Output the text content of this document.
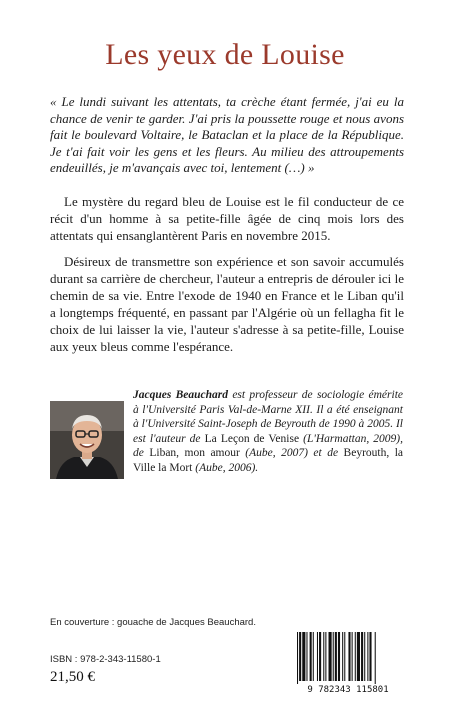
Les yeux de Louise

« Le lundi suivant les attentats, ta crèche étant fermée, j'ai eu la chance de venir te garder. J'ai pris la poussette rouge et nous avons fait le boulevard Voltaire, le Bataclan et la place de la République. Je t'ai fait voir les gens et les fleurs. Au milieu des attroupements endeuillés, je m'avançais avec toi, lentement (…) »

Le mystère du regard bleu de Louise est le fil conducteur de ce récit d'un homme à sa petite-fille âgée de cinq mois lors des attentats qui ensanglantèrent Paris en novembre 2015.

Désireux de transmettre son expérience et son savoir accumulés durant sa carrière de chercheur, l'auteur a entrepris de dérouler ici le chemin de sa vie. Entre l'exode de 1940 en France et le Liban qu'il a longtemps fréquenté, en passant par l'Algérie où un fellagha fit le choix de lui laisser la vie, l'auteur s'adresse à sa petite-fille, Louise aux yeux bleus comme l'espérance.

Jacques Beauchard est professeur de sociologie émérite à l'Université Paris Val-de-Marne XII. Il a été enseignant à l'Université Saint-Joseph de Beyrouth de 1990 à 2005. Il est l'auteur de La Leçon de Venise (L'Harmattan, 2009), de Liban, mon amour (Aube, 2007) et de Beyrouth, la Ville la Mort (Aube, 2006).

En couverture : gouache de Jacques Beauchard.
ISBN : 978-2-343-11580-1
21,50 €
9 782343 115801
